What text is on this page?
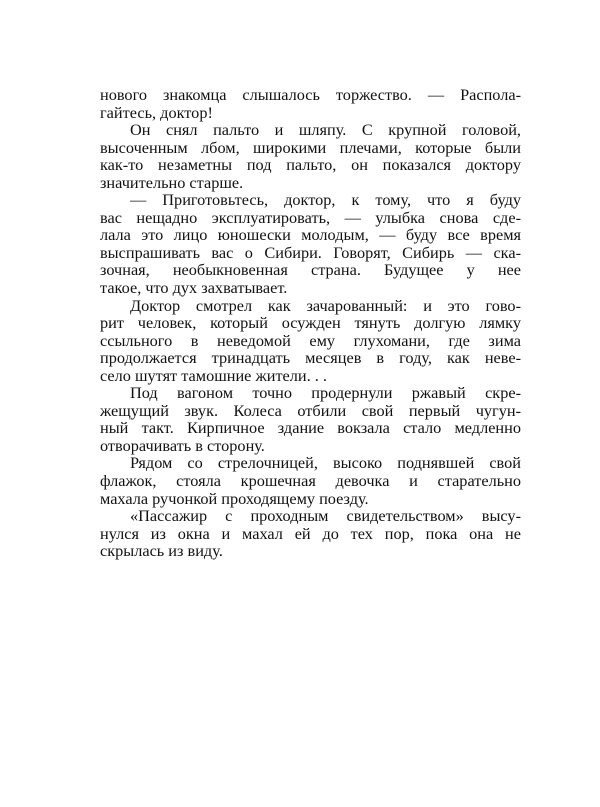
нового знакомца слышалось торжество. — Распола-
гайтесь, доктор!
Он снял пальто и шляпу. С крупной головой,
высоченным лбом, широкими плечами, которые были
как-то незаметны под пальто, он показался доктору
значительно старше.
— Приготовьтесь, доктор, к тому, что я буду
вас нещадно эксплуатировать, — улыбка снова сде-
лала это лицо юношески молодым, — буду все время
выспрашивать вас о Сибири. Говорят, Сибирь — ска-
зочная, необыкновенная страна. Будущее у нее
такое, что дух захватывает.
Доктор смотрел как зачарованный: и это гово-
рит человек, который осужден тянуть долгую лямку
ссыльного в неведомой ему глухомани, где зима
продолжается тринадцать месяцев в году, как неве-
село шутят тамошние жители. . .
Под вагоном точно продернули ржавый скре-
жещущий звук. Колеса отбили свой первый чугун-
ный такт. Кирпичное здание вокзала стало медленно
отворачивать в сторону.
Рядом со стрелочницей, высоко поднявшей свой
флажок, стояла крошечная девочка и старательно
махала ручонкой проходящему поезду.
«Пассажир с проходным свидетельством» высу-
нулся из окна и махал ей до тех пор, пока она не
скрылась из виду.
